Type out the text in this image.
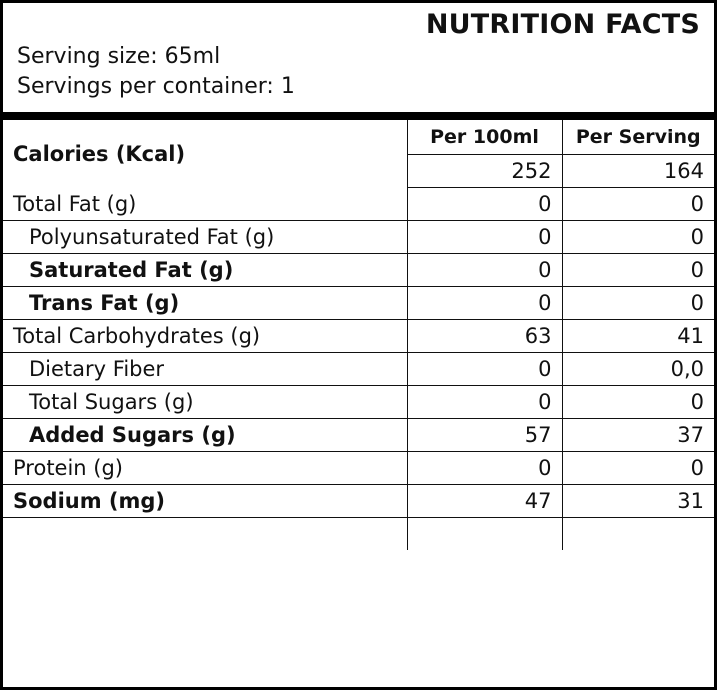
NUTRITION FACTS
Serving size: 65ml
Servings per container: 1
Calories (Kcal)	Per 100ml	Per Serving
	252	164
Total Fat (g)	0	0
Polyunsaturated Fat (g)	0	0
Saturated Fat (g)	0	0
Trans Fat (g)	0	0
Total Carbohydrates (g)	63	41
Dietary Fiber	0	0,0
Total Sugars (g)	0	0
Added Sugars (g)	57	37
Protein (g)	0	0
Sodium (mg)	47	31
